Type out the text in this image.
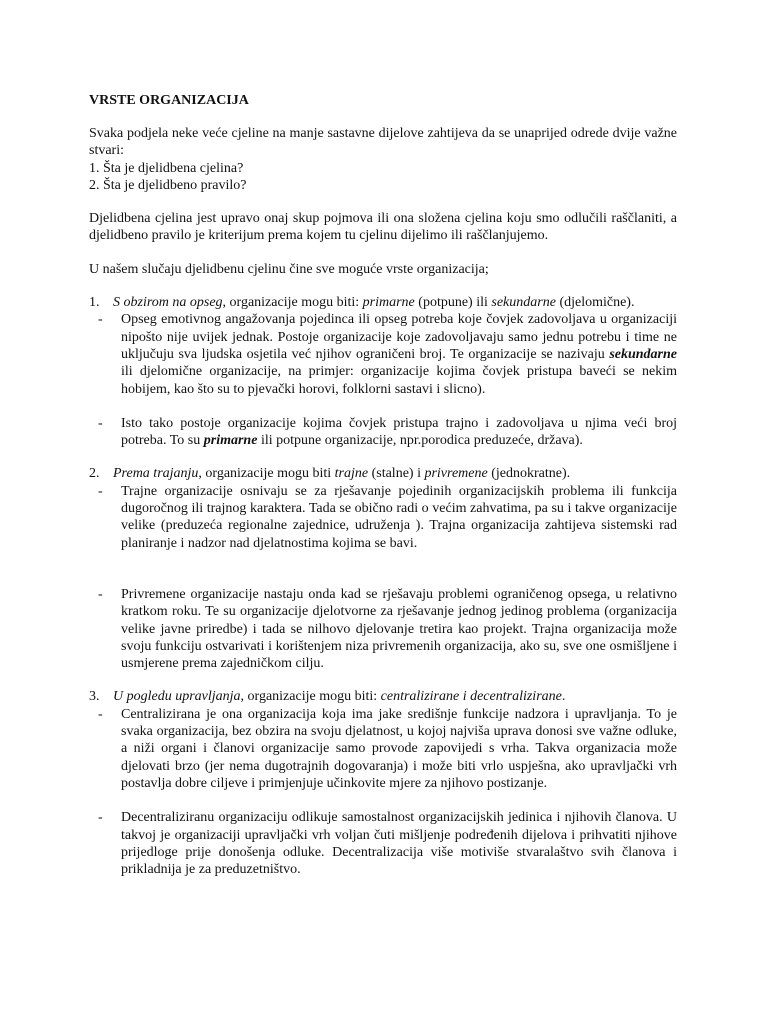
VRSTE ORGANIZACIJA

Svaka podjela neke veće cjeline na manje sastavne dijelove zahtijeva da se unaprijed odrede dvije važne stvari:

1. Šta je djelidbena cjelina?

2. Šta je djelidbeno pravilo?

Djelidbena cjelina jest upravo onaj skup pojmova ili ona složena cjelina koju smo odlučili raščlaniti, a djelidbeno pravilo je kriterijum prema kojem tu cjelinu dijelimo ili raščlanjujemo.

U našem slučaju djelidbenu cjelinu čine sve moguće vrste organizacija;

1. S obzirom na opseg, organizacije mogu biti: primarne (potpune) ili sekundarne (djelomične).
-	Opseg emotivnog angažovanja pojedinca ili opseg potreba koje čovjek zadovoljava u organizaciji nipošto nije uvijek jednak. Postoje organizacije koje zadovoljavaju samo jednu potrebu i time ne uključuju sva ljudska osjetila već njihov ograničeni broj. Te organizacije se nazivaju sekundarne ili djelomične organizacije, na primjer: organizacije kojima čovjek pristupa baveći se nekim hobijem, kao što su to pjevački horovi, folklorni sastavi i slicno).
-	Isto tako postoje organizacije kojima čovjek pristupa trajno i zadovoljava u njima veći broj potreba. To su primarne ili potpune organizacije, npr.porodica preduzeće, država).
2. Prema trajanju, organizacije mogu biti trajne (stalne) i privremene (jednokratne).
-	Trajne organizacije osnivaju se za rješavanje pojedinih organizacijskih problema ili funkcija dugoročnog ili trajnog karaktera. Tada se obično radi o većim zahvatima, pa su i takve organizacije velike (preduzeća regionalne zajednice, udruženja ). Trajna organizacija zahtijeva sistemski rad planiranje i nadzor nad djelatnostima kojima se bavi.
-	Privremene organizacije nastaju onda kad se rješavaju problemi ograničenog opsega, u relativno kratkom roku. Te su organizacije djelotvorne za rješavanje jednog jedinog problema (organizacija velike javne priredbe) i tada se nilhovo djelovanje tretira kao projekt. Trajna organizacija može svoju funkciju ostvarivati i korištenjem niza privremenih organizacija, ako su, sve one osmišljene i usmjerene prema zajedničkom cilju.
3. U pogledu upravljanja, organizacije mogu biti: centralizirane i decentralizirane.
-	Centralizirana je ona organizacija koja ima jake središnje funkcije nadzora i upravljanja. To je svaka organizacija, bez obzira na svoju djelatnost, u kojoj najviša uprava donosi sve važne odluke, a niži organi i članovi organizacije samo provode zapovijedi s vrha. Takva organizacia može djelovati brzo (jer nema dugotrajnih dogovaranja) i može biti vrlo uspješna, ako upravljački vrh postavlja dobre ciljeve i primjenjuje učinkovite mjere za njihovo postizanje.
-	Decentraliziranu organizaciju odlikuje samostalnost organizacijskih jedinica i njihovih članova. U takvoj je organizaciji upravljački vrh voljan čuti mišljenje podređenih dijelova i prihvatiti njihove prijedloge prije donošenja odluke. Decentralizacija više motiviše stvaralaštvo svih članova i prikladnija je za preduzetništvo.
